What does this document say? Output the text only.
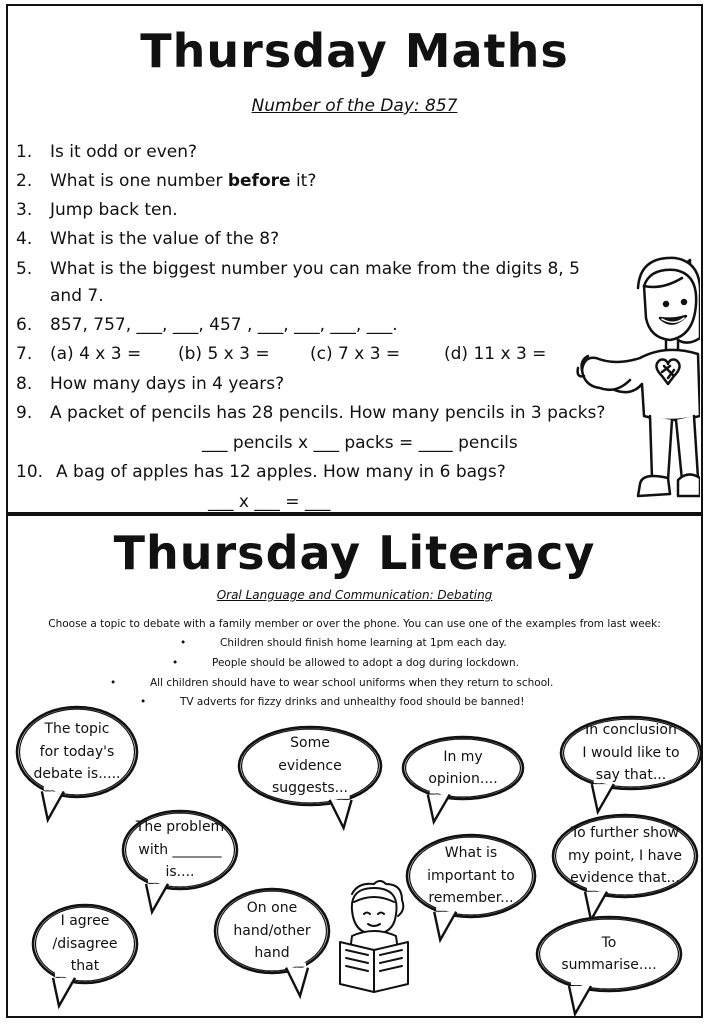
Thursday Maths
Number of the Day: 857
1. Is it odd or even?
2. What is one number before it?
3. Jump back ten.
4. What is the value of the 8?
5. What is the biggest number you can make from the digits 8, 5
and 7.
6. 857, 757, ___, ___, 457 , ___, ___, ___, ___.
7. (a) 4 x 3 = (b) 5 x 3 = (c) 7 x 3 =	(d) 11 x 3 =
8. How many days in 4 years?
9. A packet of pencils has 28 pencils. How many pencils in 3 packs?
___ pencils x ___ packs = ____ pencils
10. A bag of apples has 12 apples. How many in 6 bags?
___ x ___ = ___
Thursday Literacy
Oral Language and Communication: Debating
Choose a topic to debate with a family member or over the phone. You can use one of the examples from last week:
•	Children should finish home learning at 1pm each day.
•	People should be allowed to adopt a dog during lockdown.
•	All children should have to wear school uniforms when they return to school.
•	TV adverts for fizzy drinks and unhealthy food should be banned!
The topic
for today's
debate is.....
Some
evidence
suggests...
In my
opinion....
In conclusion
I would like to
say that...
The problem
with _______
is....
What is
important to
remember...
To further show
my point, I have
evidence that...
I agree
/disagree
that
On one
hand/other
hand
To
summarise....
